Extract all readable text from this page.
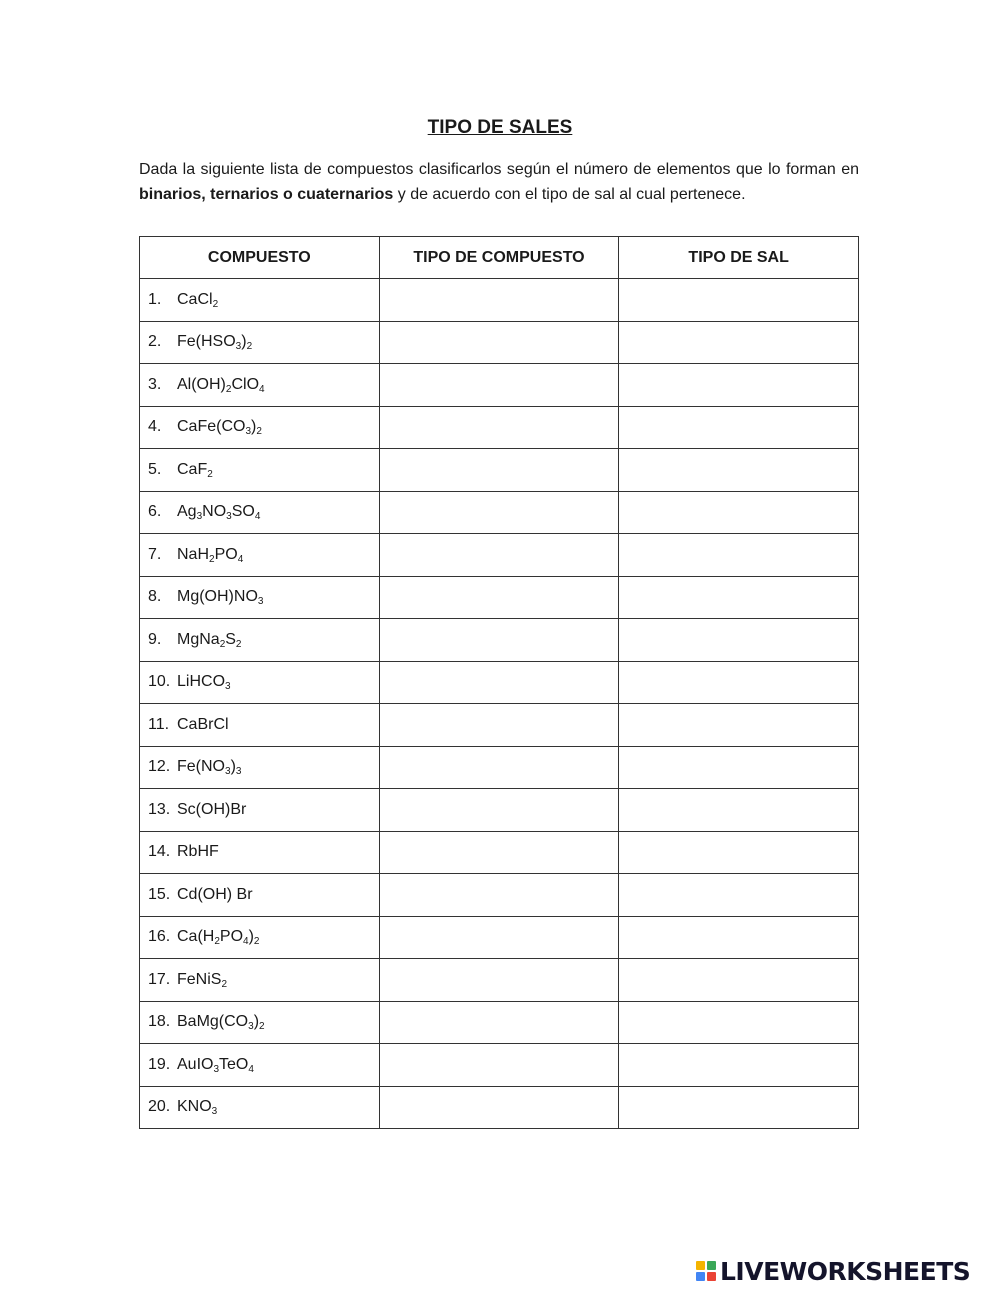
TIPO DE SALES
Dada la siguiente lista de compuestos clasificarlos según el número de elementos que lo forman en binarios, ternarios o cuaternarios y de acuerdo con el tipo de sal al cual pertenece.
COMPUESTO	TIPO DE COMPUESTO	TIPO DE SAL
1. CaCl$_2$		
2. $Fe(HSO_3)_2$		
3. $Al(OH)_2ClO_4$		
4. $CaFe(CO_3)_2$		
5. CaF$_2$		
6. $Ag_3NO_3SO_4$		
7. $NaH_2PO_4$		
8. $Mg(OH)NO_3$		
9. $MgNa_2S_2$		
10. LiHCO$_3$		
11. CaBrCl		
12. $Fe(NO_3)_3$		
13. Sc(OH)Br		
14. RbHF		
15. Cd(OH) Br		
16. $Ca(H_2PO_4)_2$		
17. FeNiS$_2$		
18. $BaMg(CO_3)_2$		
19. AuIO$_3$TeO$_4$		
20. $KNO_3$		
LIVEWORKSHEETS
